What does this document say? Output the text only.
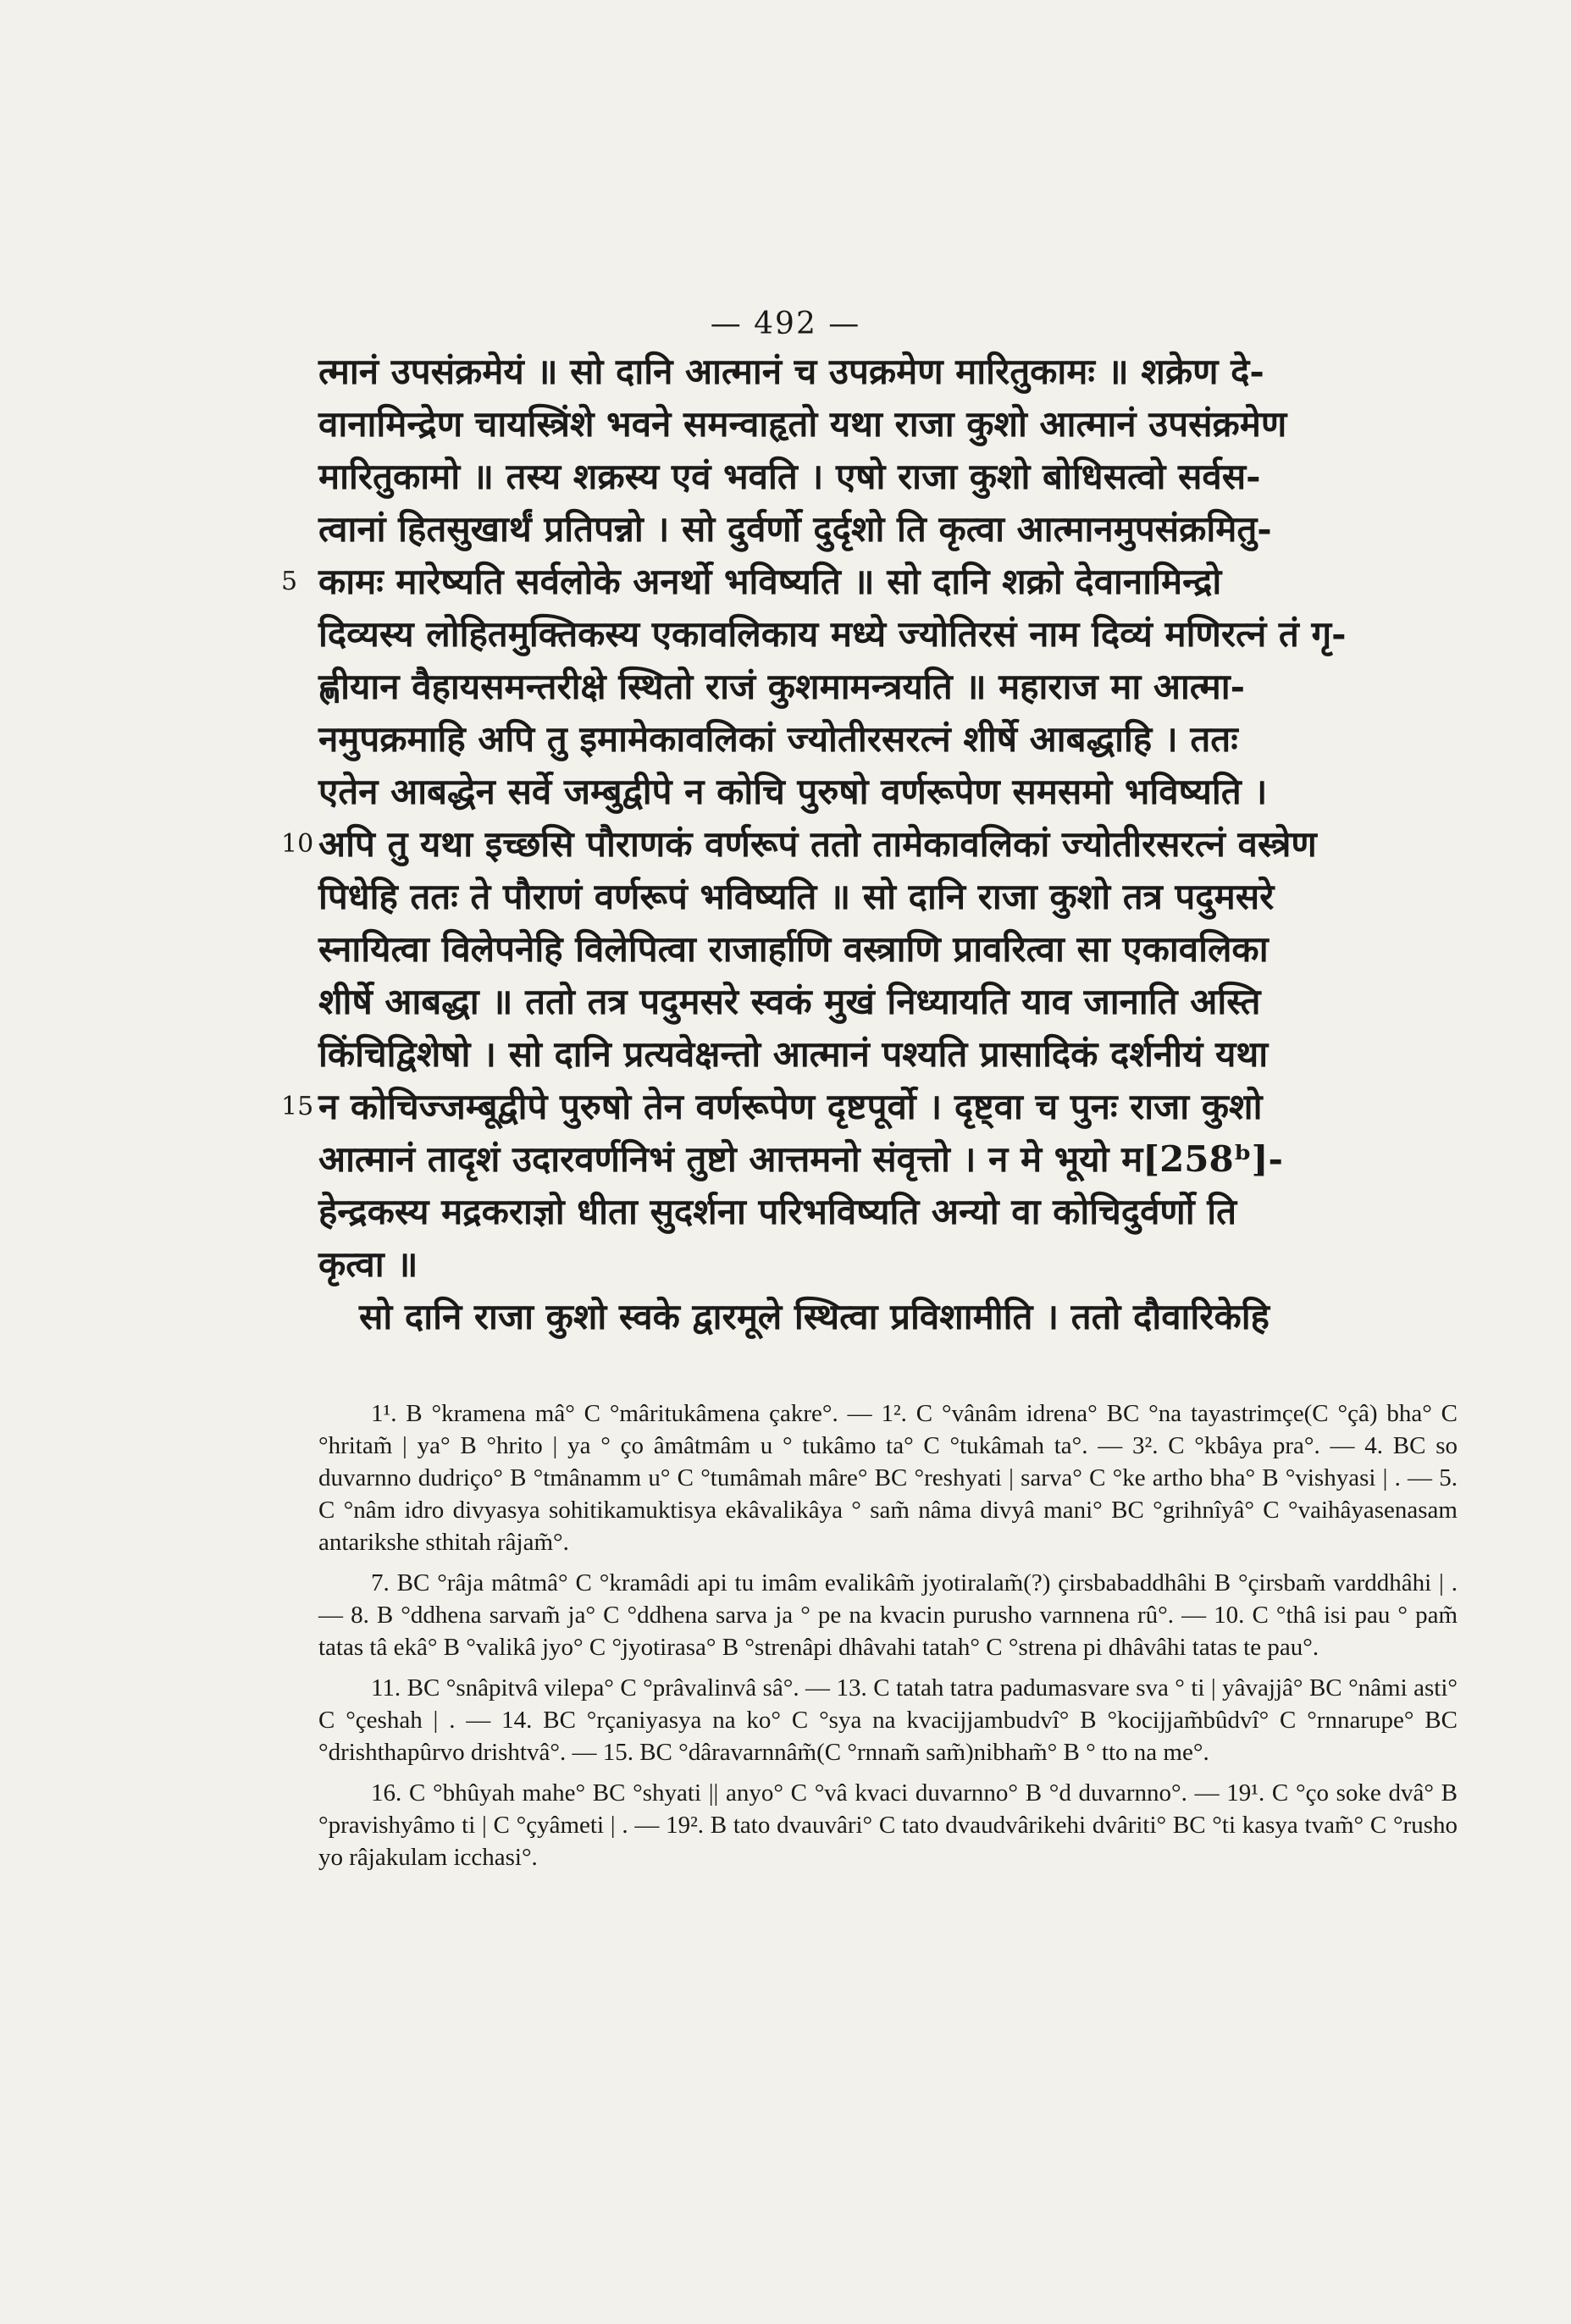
— 492 —
त्मानं उपसंक्रमेयं ॥ सो दानि आत्मानं च उपक्रमेण मारितुकामः ॥ शक्रेण दे-
वानामिन्द्रेण चायस्त्रिंशे भवने समन्वाहृतो यथा राजा कुशो आत्मानं उपसंक्रमेण
मारितुकामो ॥ तस्य शक्रस्य एवं भवति । एषो राजा कुशो बोधिसत्वो सर्वस-
त्वानां हितसुखार्थं प्रतिपन्नो । सो दुर्वर्णो दुर्दृशो ति कृत्वा आत्मानमुपसंक्रमितु-
5 कामः मारेष्यति सर्वलोके अनर्थो भविष्यति ॥ सो दानि शक्रो देवानामिन्द्रो
दिव्यस्य लोहितमुक्तिकस्य एकावलिकाय मध्ये ज्योतिरसं नाम दिव्यं मणिरत्नं तं गृ-
ह्णीयान वैहायसमन्तरीक्षे स्थितो राजं कुशमामन्त्रयति ॥ महाराज मा आत्मा-
नमुपक्रमाहि अपि तु इमामेकावलिकां ज्योतीरसरत्नं शीर्षे आबद्धाहि । ततः
एतेन आबद्धेन सर्वे जम्बुद्वीपे न कोचि पुरुषो वर्णरूपेण समसमो भविष्यति ।
10 अपि तु यथा इच्छसि पौराणकं वर्णरूपं ततो तामेकावलिकां ज्योतीरसरत्नं वस्त्रेण
पिधेहि ततः ते पौराणं वर्णरूपं भविष्यति ॥ सो दानि राजा कुशो तत्र पदुमसरे
स्नायित्वा विलेपनेहि विलेपित्वा राजार्हाणि वस्त्राणि प्रावरित्वा सा एकावलिका
शीर्षे आबद्धा ॥ ततो तत्र पदुमसरे स्वकं मुखं निध्यायति याव जानाति अस्ति
किंचिद्विशेषो । सो दानि प्रत्यवेक्षन्तो आत्मानं पश्यति प्रासादिकं दर्शनीयं यथा
15 न कोचिज्जम्बूद्वीपे पुरुषो तेन वर्णरूपेण दृष्टपूर्वो । दृष्ट्वा च पुनः राजा कुशो
आत्मानं तादृशं उदारवर्णनिभं तुष्टो आत्तमनो संवृत्तो । न मे भूयो म[258ᵇ]-
हेन्द्रकस्य मद्रकराज्ञो धीता सुदर्शना परिभविष्यति अन्यो वा कोचिदुर्वर्णो ति
कृत्वा ॥
सो दानि राजा कुशो स्वके द्वारमूले स्थित्वा प्रविशामीति । ततो दौवारिकेहि

1¹. B °kramena mâ° C °mâritukâmena çakre°. — 1². C °vânâm idrena° BC °na tayastrimçe(C °çâ) bha° C °hritam̃ | ya° B °hrito | ya ° ço âmâtmâm u ° tukâmo ta° C °tukâmah ta°. — 3². C °kbâya pra°. — 4. BC so duvarnno dudriço° B °tmânamm u° C °tumâmah mâre° BC °reshyati | sarva° C °ke artho bha° B °vishyasi | . — 5. C °nâm idro divyasya sohitikamuktisya ekâvalikâya ° sam̃ nâma divyâ mani° BC °grihnîyâ° C °vaihâyasenasam antarikshe sthitah râjam̃°.

7. BC °râja mâtmâ° C °kramâdi api tu imâm evalikâm̃ jyotiralam̃(?) çirsbabaddhâhi B °çirsbam̃ varddhâhi | .— 8. B °ddhena sarvam̃ ja° C °ddhena sarva ja ° pe na kvacin purusho varnnena rû°. — 10. C °thâ isi pau ° pam̃ tatas tâ ekâ° B °valikâ jyo° C °jyotirasa° B °strenâpi dhâvahi tatah° C °strena pi dhâvâhi tatas te pau°.

11. BC °snâpitvâ vilepa° C °prâvalinvâ sâ°. — 13. C tatah tatra padumasvare sva ° ti | yâvajjâ° BC °nâmi asti° C °çeshah | . — 14. BC °rçaniyasya na ko° C °sya na kvacijjambudvî° B °kocijjam̃bûdvî° C °rnnarupe° BC °drishthapûrvo drishtvâ°. — 15. BC °dâravarnnâm̃(C °rnnam̃ sam̃)nibham̃° B ° tto na me°.

16. C °bhûyah mahe° BC °shyati || anyo° C °vâ kvaci duvarnno° B °d duvarnno°. — 19¹. C °ço soke dvâ° B °pravishyâmo ti | C °çyâmeti | . — 19². B tato dvauvâri° C tato dvaudvârikehi dvâriti° BC °ti kasya tvam̃° C °rusho yo râjakulam icchasi°.
